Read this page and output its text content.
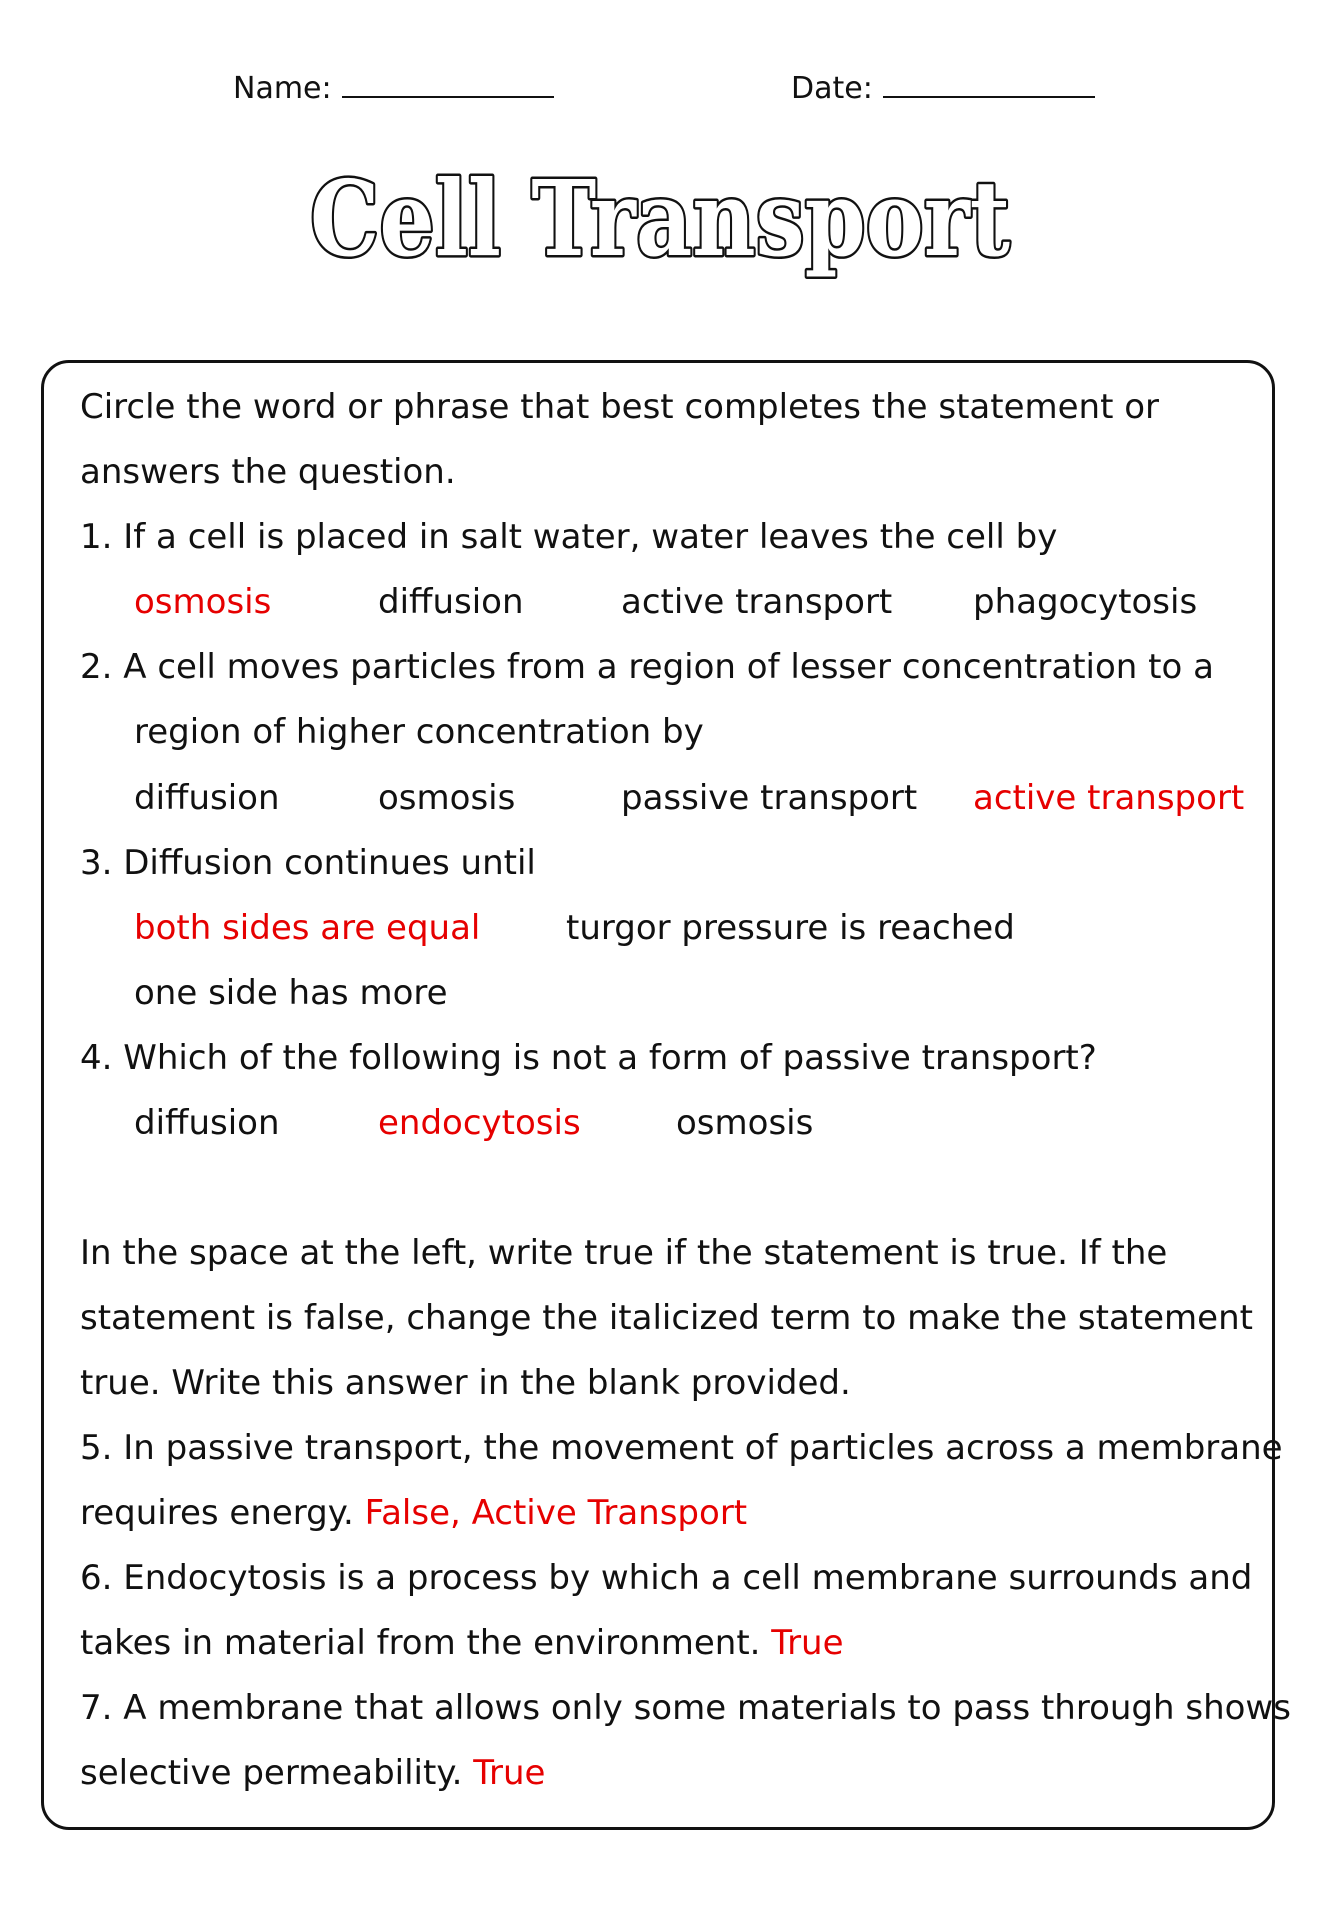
Name:	Date:
Cell Transport
Circle the word or phrase that best completes the statement or
answers the question.
1. If a cell is placed in salt water, water leaves the cell by
osmosis	diffusion	active transport phagocytosis
2. A cell moves particles from a region of lesser concentration to a
region of higher concentration by
diffusion	osmosis	passive transport active transport
3. Diffusion continues until
both sides are equal	turgor pressure is reached
one side has more
4. Which of the following is not a form of passive transport?
diffusion	endocytosis	osmosis
In the space at the left, write true if the statement is true. If the
statement is false, change the italicized term to make the statement
true. Write this answer in the blank provided.
5. In passive transport, the movement of particles across a membrane
requires energy. False, Active Transport
6. Endocytosis is a process by which a cell membrane surrounds and
takes in material from the environment. True
7. A membrane that allows only some materials to pass through shows
selective permeability. True
